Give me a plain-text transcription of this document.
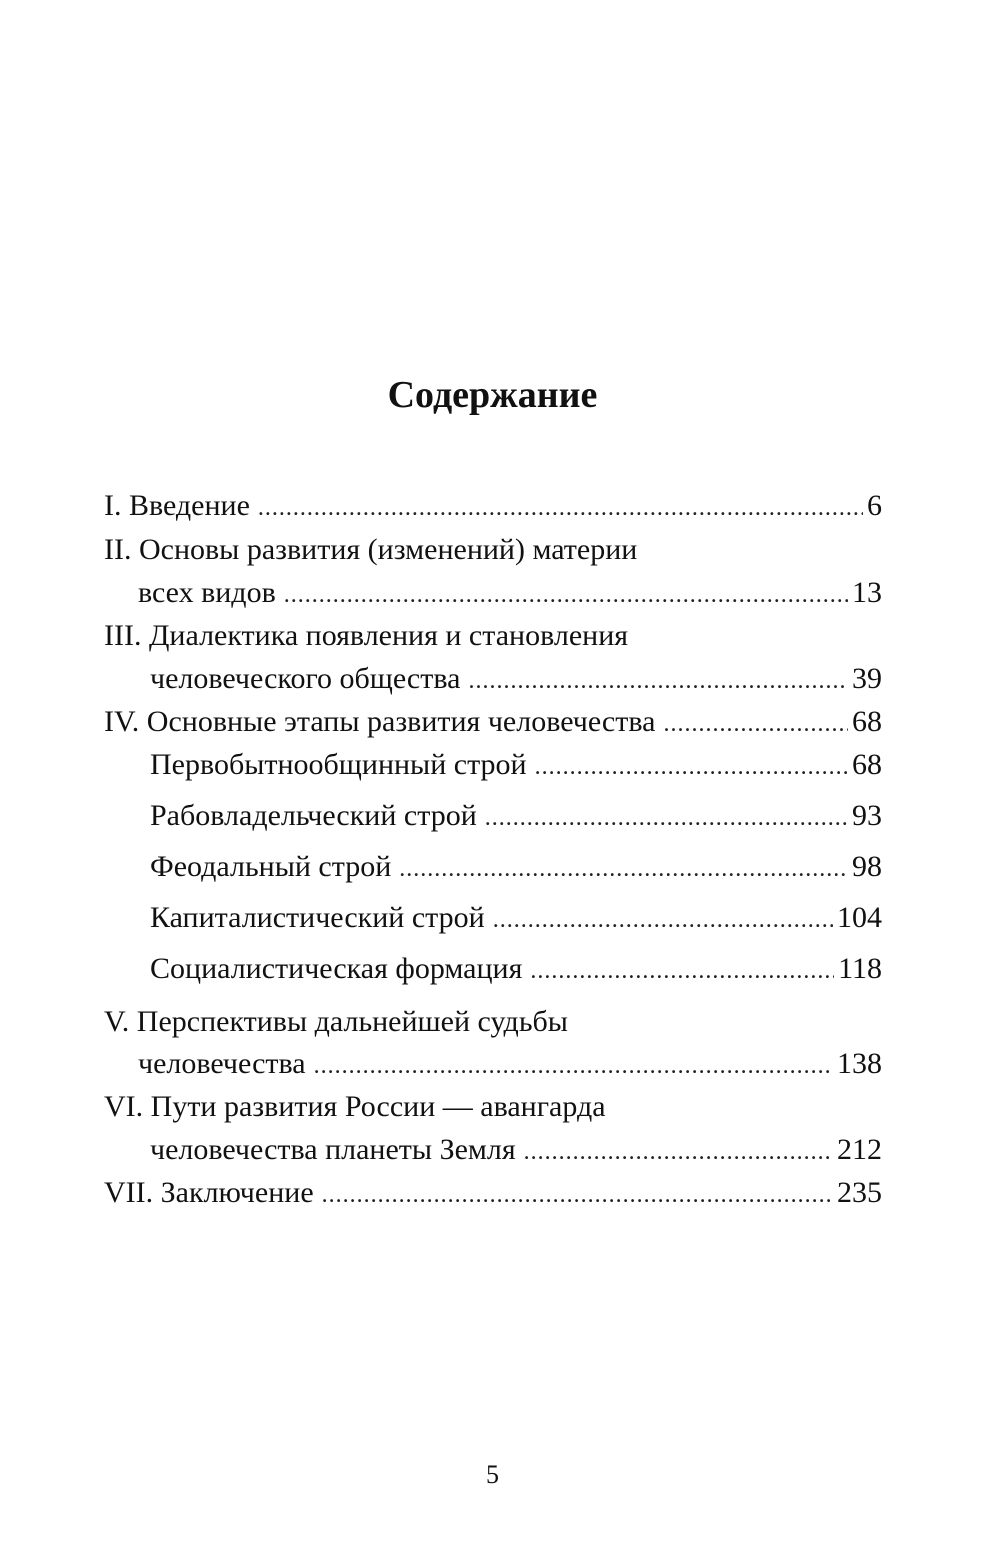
Содержание
I. Введение .....	6
II. Основы развития (изменений) материи
всех видов .....	13
III. Диалектика появления и становления
человеческого общества .....	39
IV. Основные этапы развития человечества .....	68
Первобытнообщинный строй .....	68
Рабовладельческий строй .....	93
Феодальный строй .....	98
Капиталистический строй .....	104
Социалистическая формация .....	118
V. Перспективы дальнейшей судьбы
человечества .....	138
VI. Пути развития России — авангарда
человечества планеты Земля .....	212
VII. Заключение .....	235
5
